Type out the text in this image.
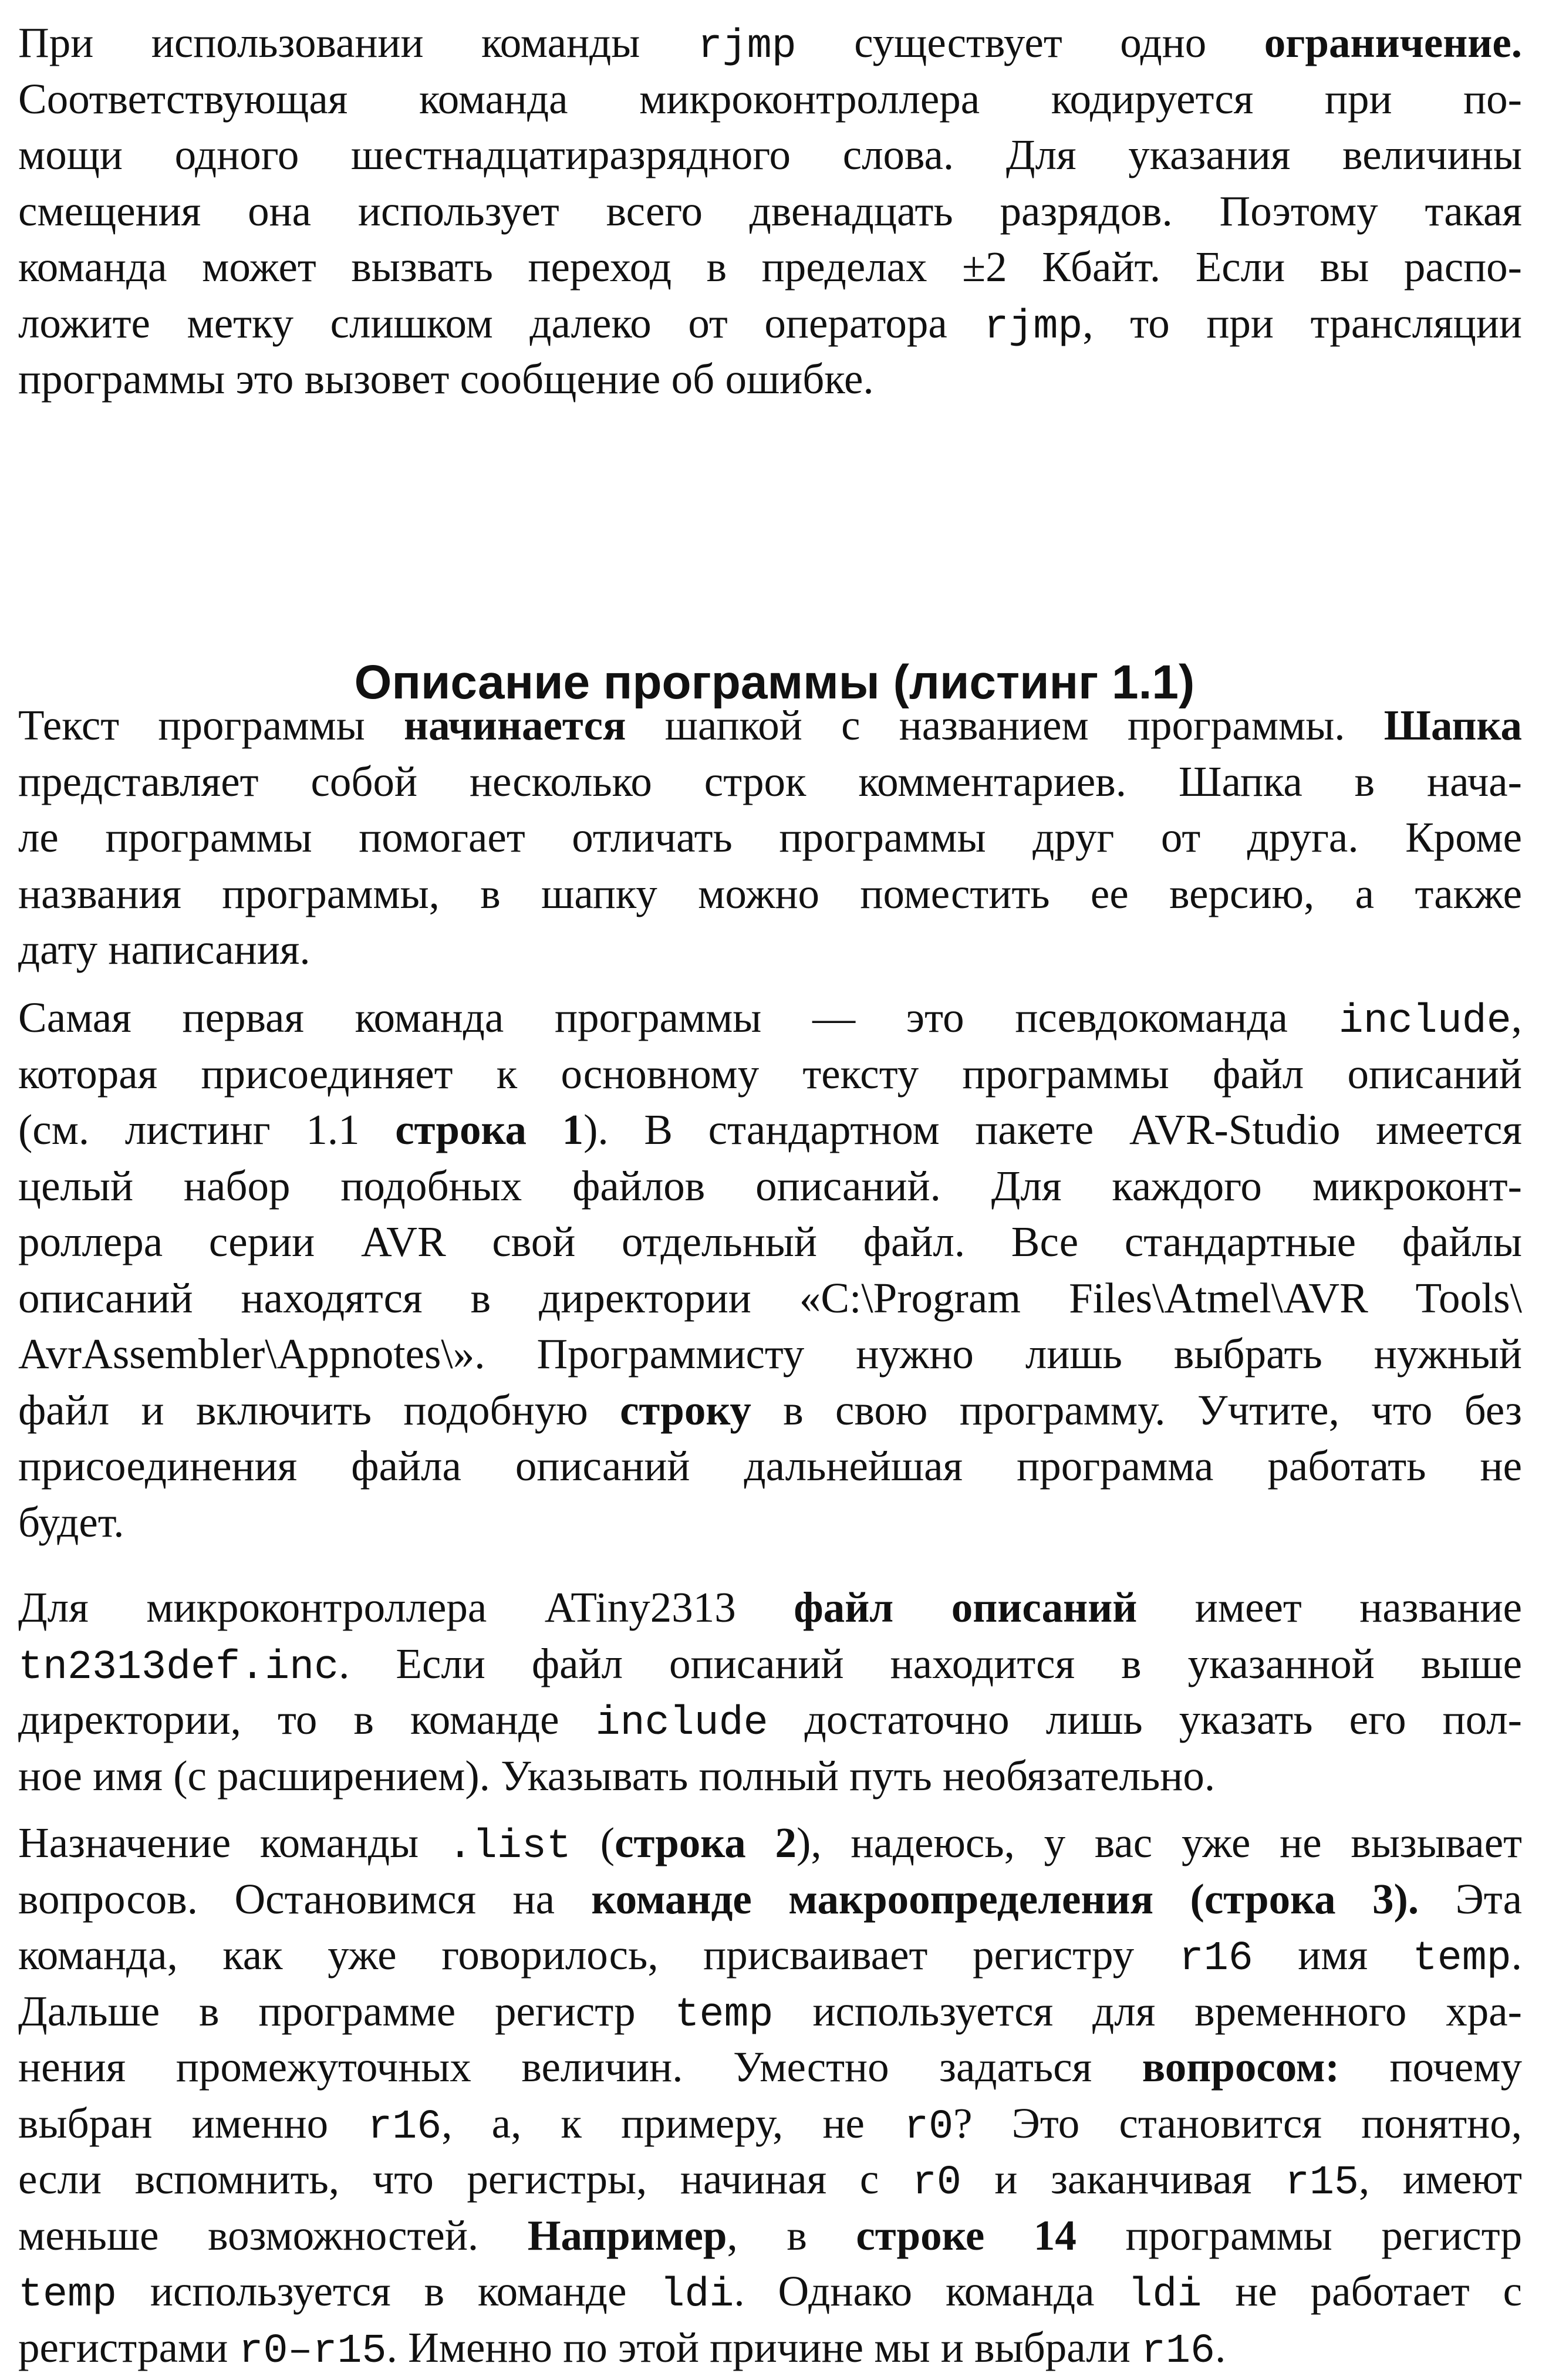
При использовании команды rjmp существует одно ограничение.
Соответствующая команда микроконтроллера кодируется при по-
мощи одного шестнадцатиразрядного слова. Для указания величины
смещения она использует всего двенадцать разрядов. Поэтому такая
команда может вызвать переход в пределах ±2 Кбайт. Если вы распо-
ложите метку слишком далеко от оператора rjmp, то при трансляции
программы это вызовет сообщение об ошибке.
Описание программы (листинг 1.1)
Текст программы начинается шапкой с названием программы. Шапка
представляет собой несколько строк комментариев. Шапка в нача-
ле программы помогает отличать программы друг от друга. Кроме
названия программы, в шапку можно поместить ее версию, а также
дату написания.
Самая первая команда программы — это псевдокоманда include,
которая присоединяет к основному тексту программы файл описаний
(см. листинг 1.1 строка 1). В стандартном пакете AVR-Studio имеется
целый набор подобных файлов описаний. Для каждого микроконт-
роллера серии AVR свой отдельный файл. Все стандартные файлы
описаний находятся в директории «C:\Program Files\Atmel\AVR Tools\
AvrAssembler\Appnotes\». Программисту нужно лишь выбрать нужный
файл и включить подобную строку в свою программу. Учтите, что без
присоединения файла описаний дальнейшая программа работать не
будет.
Для микроконтроллера ATiny2313 файл описаний имеет название
tn2313def.inc. Если файл описаний находится в указанной выше
директории, то в команде include достаточно лишь указать его пол-
ное имя (с расширением). Указывать полный путь необязательно.
Назначение команды .list (строка 2), надеюсь, у вас уже не вызывает
вопросов. Остановимся на команде макроопределения (строка 3). Эта
команда, как уже говорилось, присваивает регистру r16 имя temp.
Дальше в программе регистр temp используется для временного хра-
нения промежуточных величин. Уместно задаться вопросом: почему
выбран именно r16, а, к примеру, не r0? Это становится понятно,
если вспомнить, что регистры, начиная с r0 и заканчивая r15, имеют
меньше возможностей. Например, в строке 14 программы регистр
temp используется в команде ldi. Однако команда ldi не работает с
регистрами r0–r15. Именно по этой причине мы и выбрали r16.
